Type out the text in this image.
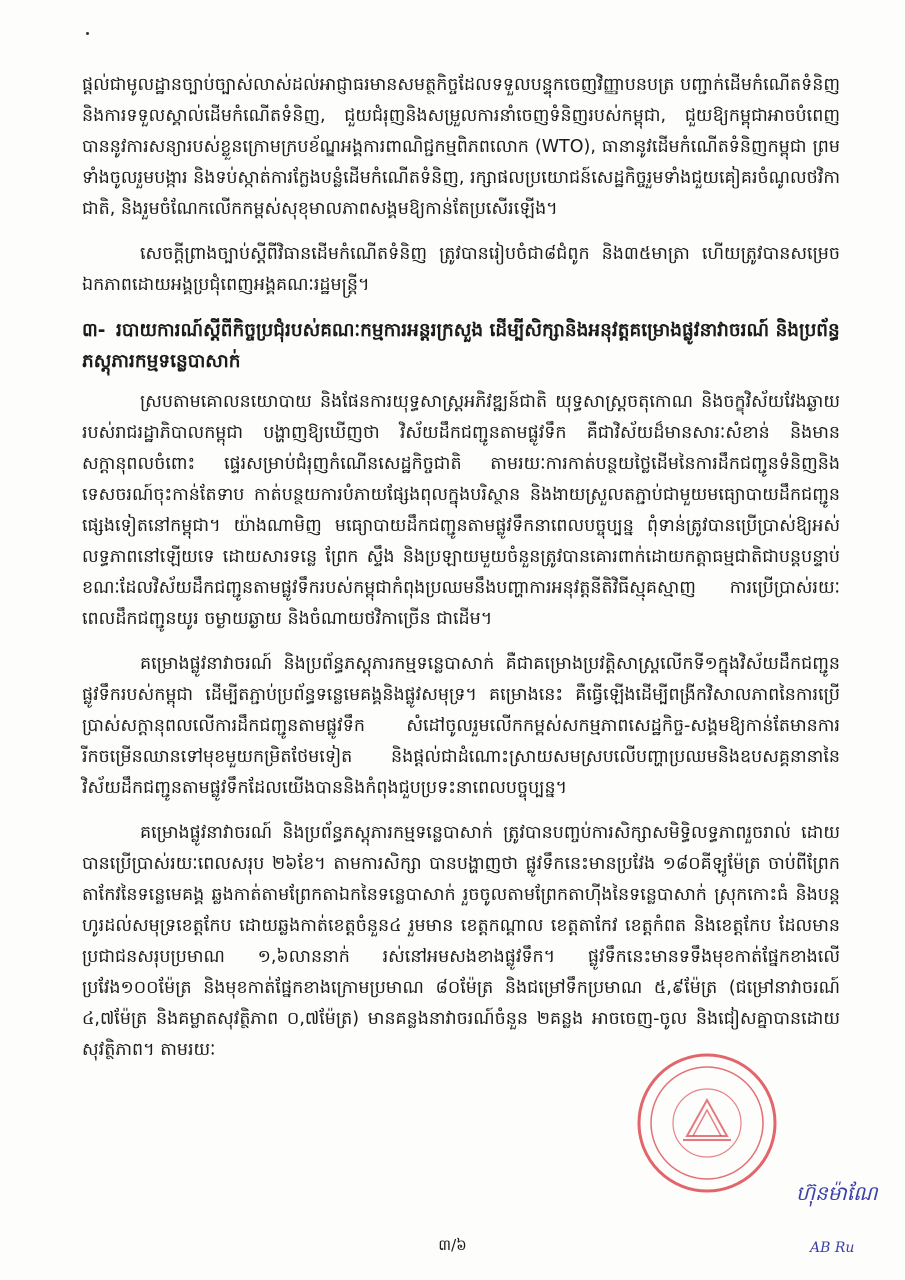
ផ្តល់ជាមូលដ្ឋានច្បាប់ច្បាស់លាស់ដល់អាជ្ញាធរមានសមត្ថកិច្ចដែលទទួលបន្ទុកចេញវិញ្ញាបនបត្រ បញ្ជាក់ដើមកំណើតទំនិញ និងការទទួលស្គាល់ដើមកំណើតទំនិញ, ជួយជំរុញនិងសម្រួលការនាំចេញទំនិញរបស់កម្ពុជា, ជួយឱ្យកម្ពុជាអាចបំពេញបាននូវការសន្យារបស់ខ្លួនក្រោមក្របខ័ណ្ឌអង្គការពាណិជ្ជកម្មពិភពលោក (WTO), ធានានូវដើមកំណើតទំនិញកម្ពុជា ព្រមទាំងចូលរួមបង្ការ និងទប់ស្កាត់ការក្លែងបន្លំដើមកំណើតទំនិញ, រក្សាផលប្រយោជន៍សេដ្ឋកិច្ចរួមទាំងជួយគៀគរចំណូលថវិកាជាតិ, និងរួមចំណែកលើកកម្ពស់សុខុមាលភាពសង្គមឱ្យកាន់តែប្រសើរឡើង។

សេចក្តីព្រាងច្បាប់ស្តីពីវិធានដើមកំណើតទំនិញ ត្រូវបានរៀបចំជា៨ជំពូក និង៣៥មាត្រា ហើយត្រូវបានសម្រេចឯកភាពដោយអង្គប្រជុំពេញអង្គគណៈរដ្ឋមន្ត្រី។

៣- របាយការណ៍ស្តីពីកិច្ចប្រជុំរបស់គណៈកម្មការអន្តរក្រសួង ដើម្បីសិក្សានិងអនុវត្តគម្រោងផ្លូវនាវាចរណ៍ និងប្រព័ន្ធភស្តុភារកម្មទន្លេបាសាក់

ស្របតាមគោលនយោបាយ និងផែនការយុទ្ធសាស្ត្រអភិវឌ្ឍន៍ជាតិ យុទ្ធសាស្ត្រចតុកោណ និងចក្ខុវិស័យវែងឆ្ងាយរបស់រាជរដ្ឋាភិបាលកម្ពុជា បង្ហាញឱ្យឃើញថា វិស័យដឹកជញ្ជូនតាមផ្លូវទឹក គឺជាវិស័យដ៏មានសារៈសំខាន់ និងមានសក្តានុពលចំពោះ ផ្ទេរសម្រាប់ជំរុញកំណើនសេដ្ឋកិច្ចជាតិ តាមរយៈការកាត់បន្ថយថ្លៃដើមនៃការដឹកជញ្ជូនទំនិញនិងទេសចរណ៍ចុះកាន់តែទាប កាត់បន្ថយការបំភាយផ្សែងពុលក្នុងបរិស្ថាន និងងាយស្រួលតភ្ជាប់ជាមួយមធ្យោបាយដឹកជញ្ជូនផ្សេងទៀតនៅកម្ពុជា។ យ៉ាងណាមិញ មធ្យោបាយដឹកជញ្ជូនតាមផ្លូវទឹកនាពេលបច្ចុប្បន្ន ពុំទាន់ត្រូវបានប្រើប្រាស់ឱ្យអស់លទ្ធភាពនៅឡើយទេ ដោយសារទន្លេ ព្រែក ស្ទឹង និងប្រឡាយមួយចំនួនត្រូវបានគោរពាក់ដោយកត្តាធម្មជាតិជាបន្តបន្ទាប់ ខណៈដែលវិស័យដឹកជញ្ជូនតាមផ្លូវទឹករបស់កម្ពុជាកំពុងប្រឈមនឹងបញ្ហាការអនុវត្តនីតិវិធីស្មុគស្មាញ ការប្រើប្រាស់រយៈពេលដឹកជញ្ជូនយូរ ចម្ងាយឆ្ងាយ និងចំណាយថវិកាច្រើន ជាដើម។

គម្រោងផ្លូវនាវាចរណ៍ និងប្រព័ន្ធភស្តុភារកម្មទន្លេបាសាក់ គឺជាគម្រោងប្រវត្តិសាស្ត្រលើកទី១ក្នុងវិស័យដឹកជញ្ជូនផ្លូវទឹករបស់កម្ពុជា ដើម្បីតភ្ជាប់ប្រព័ន្ធទន្លេមេគង្គនិងផ្លូវសមុទ្រ។ គម្រោងនេះ គឺធ្វើឡើងដើម្បីពង្រីកវិសាលភាពនៃការប្រើប្រាស់សក្តានុពលលើការដឹកជញ្ជូនតាមផ្លូវទឹក សំដៅចូលរួមលើកកម្ពស់សកម្មភាពសេដ្ឋកិច្ច-សង្គមឱ្យកាន់តែមានការរីកចម្រើនឈានទៅមុខមួយកម្រិតថែមទៀត និងផ្តល់ជាដំណោះស្រាយសមស្របលើបញ្ហាប្រឈមនិងឧបសគ្គនានានៃវិស័យដឹកជញ្ជូនតាមផ្លូវទឹកដែលយើងបាននិងកំពុងជួបប្រទះនាពេលបច្ចុប្បន្ន។

គម្រោងផ្លូវនាវាចរណ៍ និងប្រព័ន្ធភស្តុភារកម្មទន្លេបាសាក់ ត្រូវបានបញ្ចប់ការសិក្សាសមិទ្ធិលទ្ធភាពរួចរាល់ ដោយបានប្រើប្រាស់រយៈពេលសរុប ២៦ខែ។ តាមការសិក្សា បានបង្ហាញថា ផ្លូវទឹកនេះមានប្រវែង ១៨០គីឡូម៉ែត្រ ចាប់ពីព្រែកតាកែវនៃទន្លេមេគង្គ ឆ្លងកាត់តាមព្រែកតាឯកនៃទន្លេបាសាក់ រួចចូលតាមព្រែកតាហ៊ីងនៃទន្លេបាសាក់ ស្រុកកោះធំ និងបន្តហូរដល់សមុទ្រខេត្តកែប ដោយឆ្លងកាត់ខេត្តចំនួន៤ រួមមាន ខេត្តកណ្តាល ខេត្តតាកែវ ខេត្តកំពត និងខេត្តកែប ដែលមានប្រជាជនសរុបប្រមាណ ១,៦លាននាក់ រស់នៅអមសងខាងផ្លូវទឹក។ ផ្លូវទឹកនេះមានទទឹងមុខកាត់ផ្នែកខាងលើប្រវែង១០០ម៉ែត្រ និងមុខកាត់ផ្នែកខាងក្រោមប្រមាណ ៨០ម៉ែត្រ និងជម្រៅទឹកប្រមាណ ៥,៩ម៉ែត្រ (ជម្រៅនាវាចរណ៍ ៤,៧ម៉ែត្រ និងគម្លាតសុវត្ថិភាព ០,៧ម៉ែត្រ) មានគន្លងនាវាចរណ៍ចំនួន ២គន្លង អាចចេញ-ចូល និងជៀសគ្នាបានដោយសុវត្ថិភាព។ តាមរយៈ

ហ៊ុនម៉ាណែ
AB Ru
៣/៦
